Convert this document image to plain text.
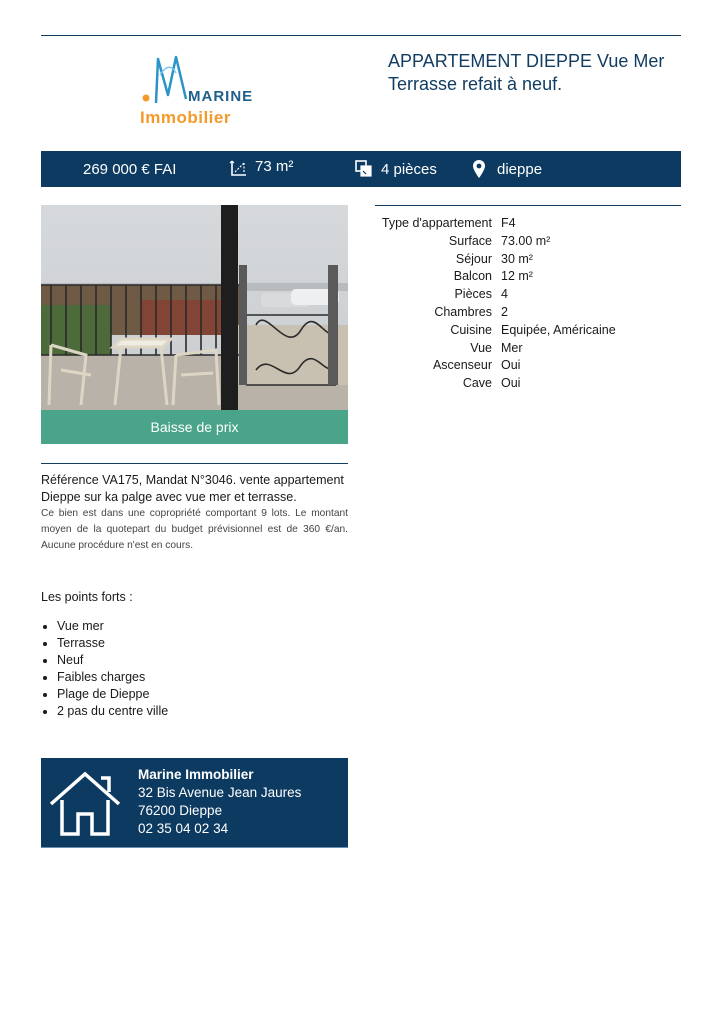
MARINE
Immobilier
APPARTEMENT DIEPPE Vue Mer Terrasse refait à neuf.
269 000 € FAI	73 m²	4 pièces	dieppe
Baisse de prix
Type d'appartement F4
Surface 73.00 m²
Séjour 30 m²
Balcon 12 m²
Pièces 4
Chambres 2
Cuisine Equipée, Américaine
Vue Mer
Ascenseur Oui
Cave Oui
Référence VA175, Mandat N°3046. vente appartement Dieppe sur ka palge avec vue mer et terrasse.
Ce bien est dans une copropriété comportant 9 lots. Le montant moyen de la quotepart du budget prévisionnel est de 360 €/an. Aucune procédure n'est en cours.
Les points forts :
Vue mer
Terrasse
Neuf
Faibles charges
Plage de Dieppe
2 pas du centre ville
Marine Immobilier
32 Bis Avenue Jean Jaures
76200 Dieppe
02 35 04 02 34
